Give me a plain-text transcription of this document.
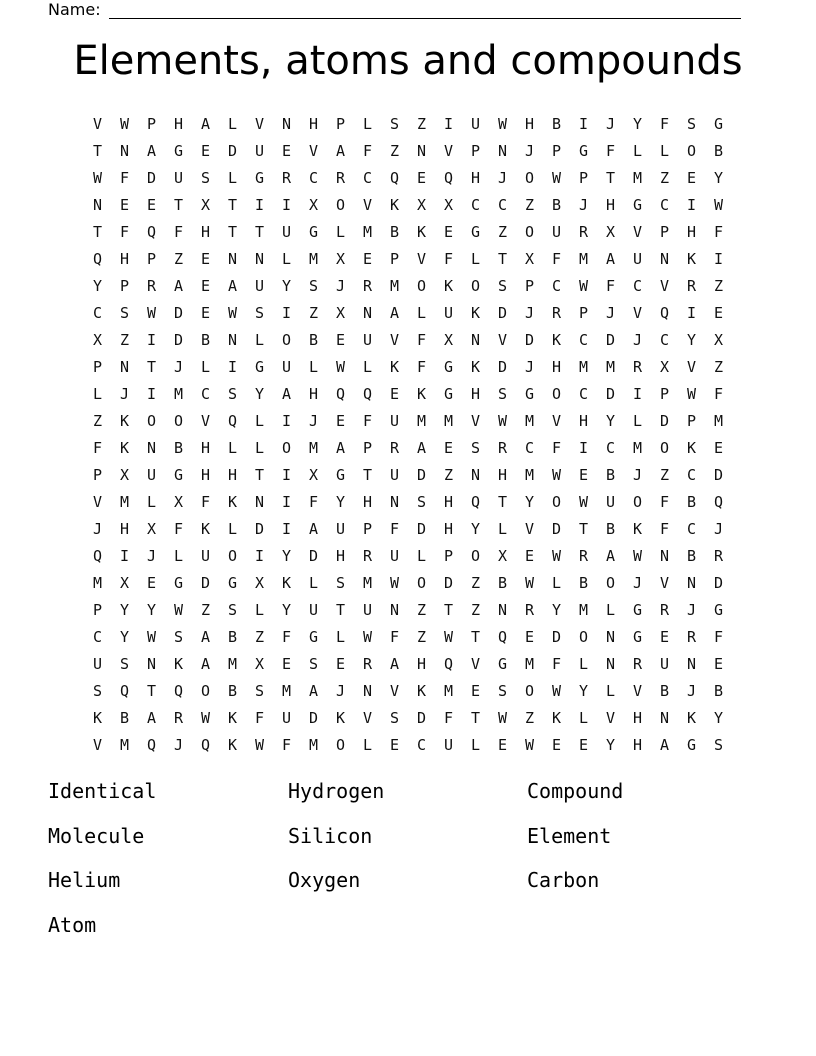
Name:
Elements, atoms and compounds
V	W	P	H	A	L	V	N	H	P	L	S	Z	I	U	W	H	B	I	J	Y	F	S	G
T	N	A	G	E	D	U	E	V	A	F	Z	N	V	P	N	J	P	G	F	L	L	O	B
W	F	D	U	S	L	G	R	C	R	C	Q	E	Q	H	J	O	W	P	T	M	Z	E	Y
N	E	E	T	X	T	I	I	X	O	V	K	X	X	C	C	Z	B	J	H	G	C	I	W
T	F	Q	F	H	T	T	U	G	L	M	B	K	E	G	Z	O	U	R	X	V	P	H	F
Q	H	P	Z	E	N	N	L	M	X	E	P	V	F	L	T	X	F	M	A	U	N	K	I
Y	P	R	A	E	A	U	Y	S	J	R	M	O	K	O	S	P	C	W	F	C	V	R	Z
C	S	W	D	E	W	S	I	Z	X	N	A	L	U	K	D	J	R	P	J	V	Q	I	E
X	Z	I	D	B	N	L	O	B	E	U	V	F	X	N	V	D	K	C	D	J	C	Y	X
P	N	T	J	L	I	G	U	L	W	L	K	F	G	K	D	J	H	M	M	R	X	V	Z
L	J	I	M	C	S	Y	A	H	Q	Q	E	K	G	H	S	G	O	C	D	I	P	W	F
Z	K	O	O	V	Q	L	I	J	E	F	U	M	M	V	W	M	V	H	Y	L	D	P	M
F	K	N	B	H	L	L	O	M	A	P	R	A	E	S	R	C	F	I	C	M	O	K	E
P	X	U	G	H	H	T	I	X	G	T	U	D	Z	N	H	M	W	E	B	J	Z	C	D
V	M	L	X	F	K	N	I	F	Y	H	N	S	H	Q	T	Y	O	W	U	O	F	B	Q
J	H	X	F	K	L	D	I	A	U	P	F	D	H	Y	L	V	D	T	B	K	F	C	J
Q	I	J	L	U	O	I	Y	D	H	R	U	L	P	O	X	E	W	R	A	W	N	B	R
M	X	E	G	D	G	X	K	L	S	M	W	O	D	Z	B	W	L	B	O	J	V	N	D
P	Y	Y	W	Z	S	L	Y	U	T	U	N	Z	T	Z	N	R	Y	M	L	G	R	J	G
C	Y	W	S	A	B	Z	F	G	L	W	F	Z	W	T	Q	E	D	O	N	G	E	R	F
U	S	N	K	A	M	X	E	S	E	R	A	H	Q	V	G	M	F	L	N	R	U	N	E
S	Q	T	Q	O	B	S	M	A	J	N	V	K	M	E	S	O	W	Y	L	V	B	J	B
K	B	A	R	W	K	F	U	D	K	V	S	D	F	T	W	Z	K	L	V	H	N	K	Y
V	M	Q	J	Q	K	W	F	M	O	L	E	C	U	L	E	W	E	E	Y	H	A	G	S
Identical
Molecule
Helium
Atom
Hydrogen
Silicon
Oxygen
Compound
Element
Carbon
